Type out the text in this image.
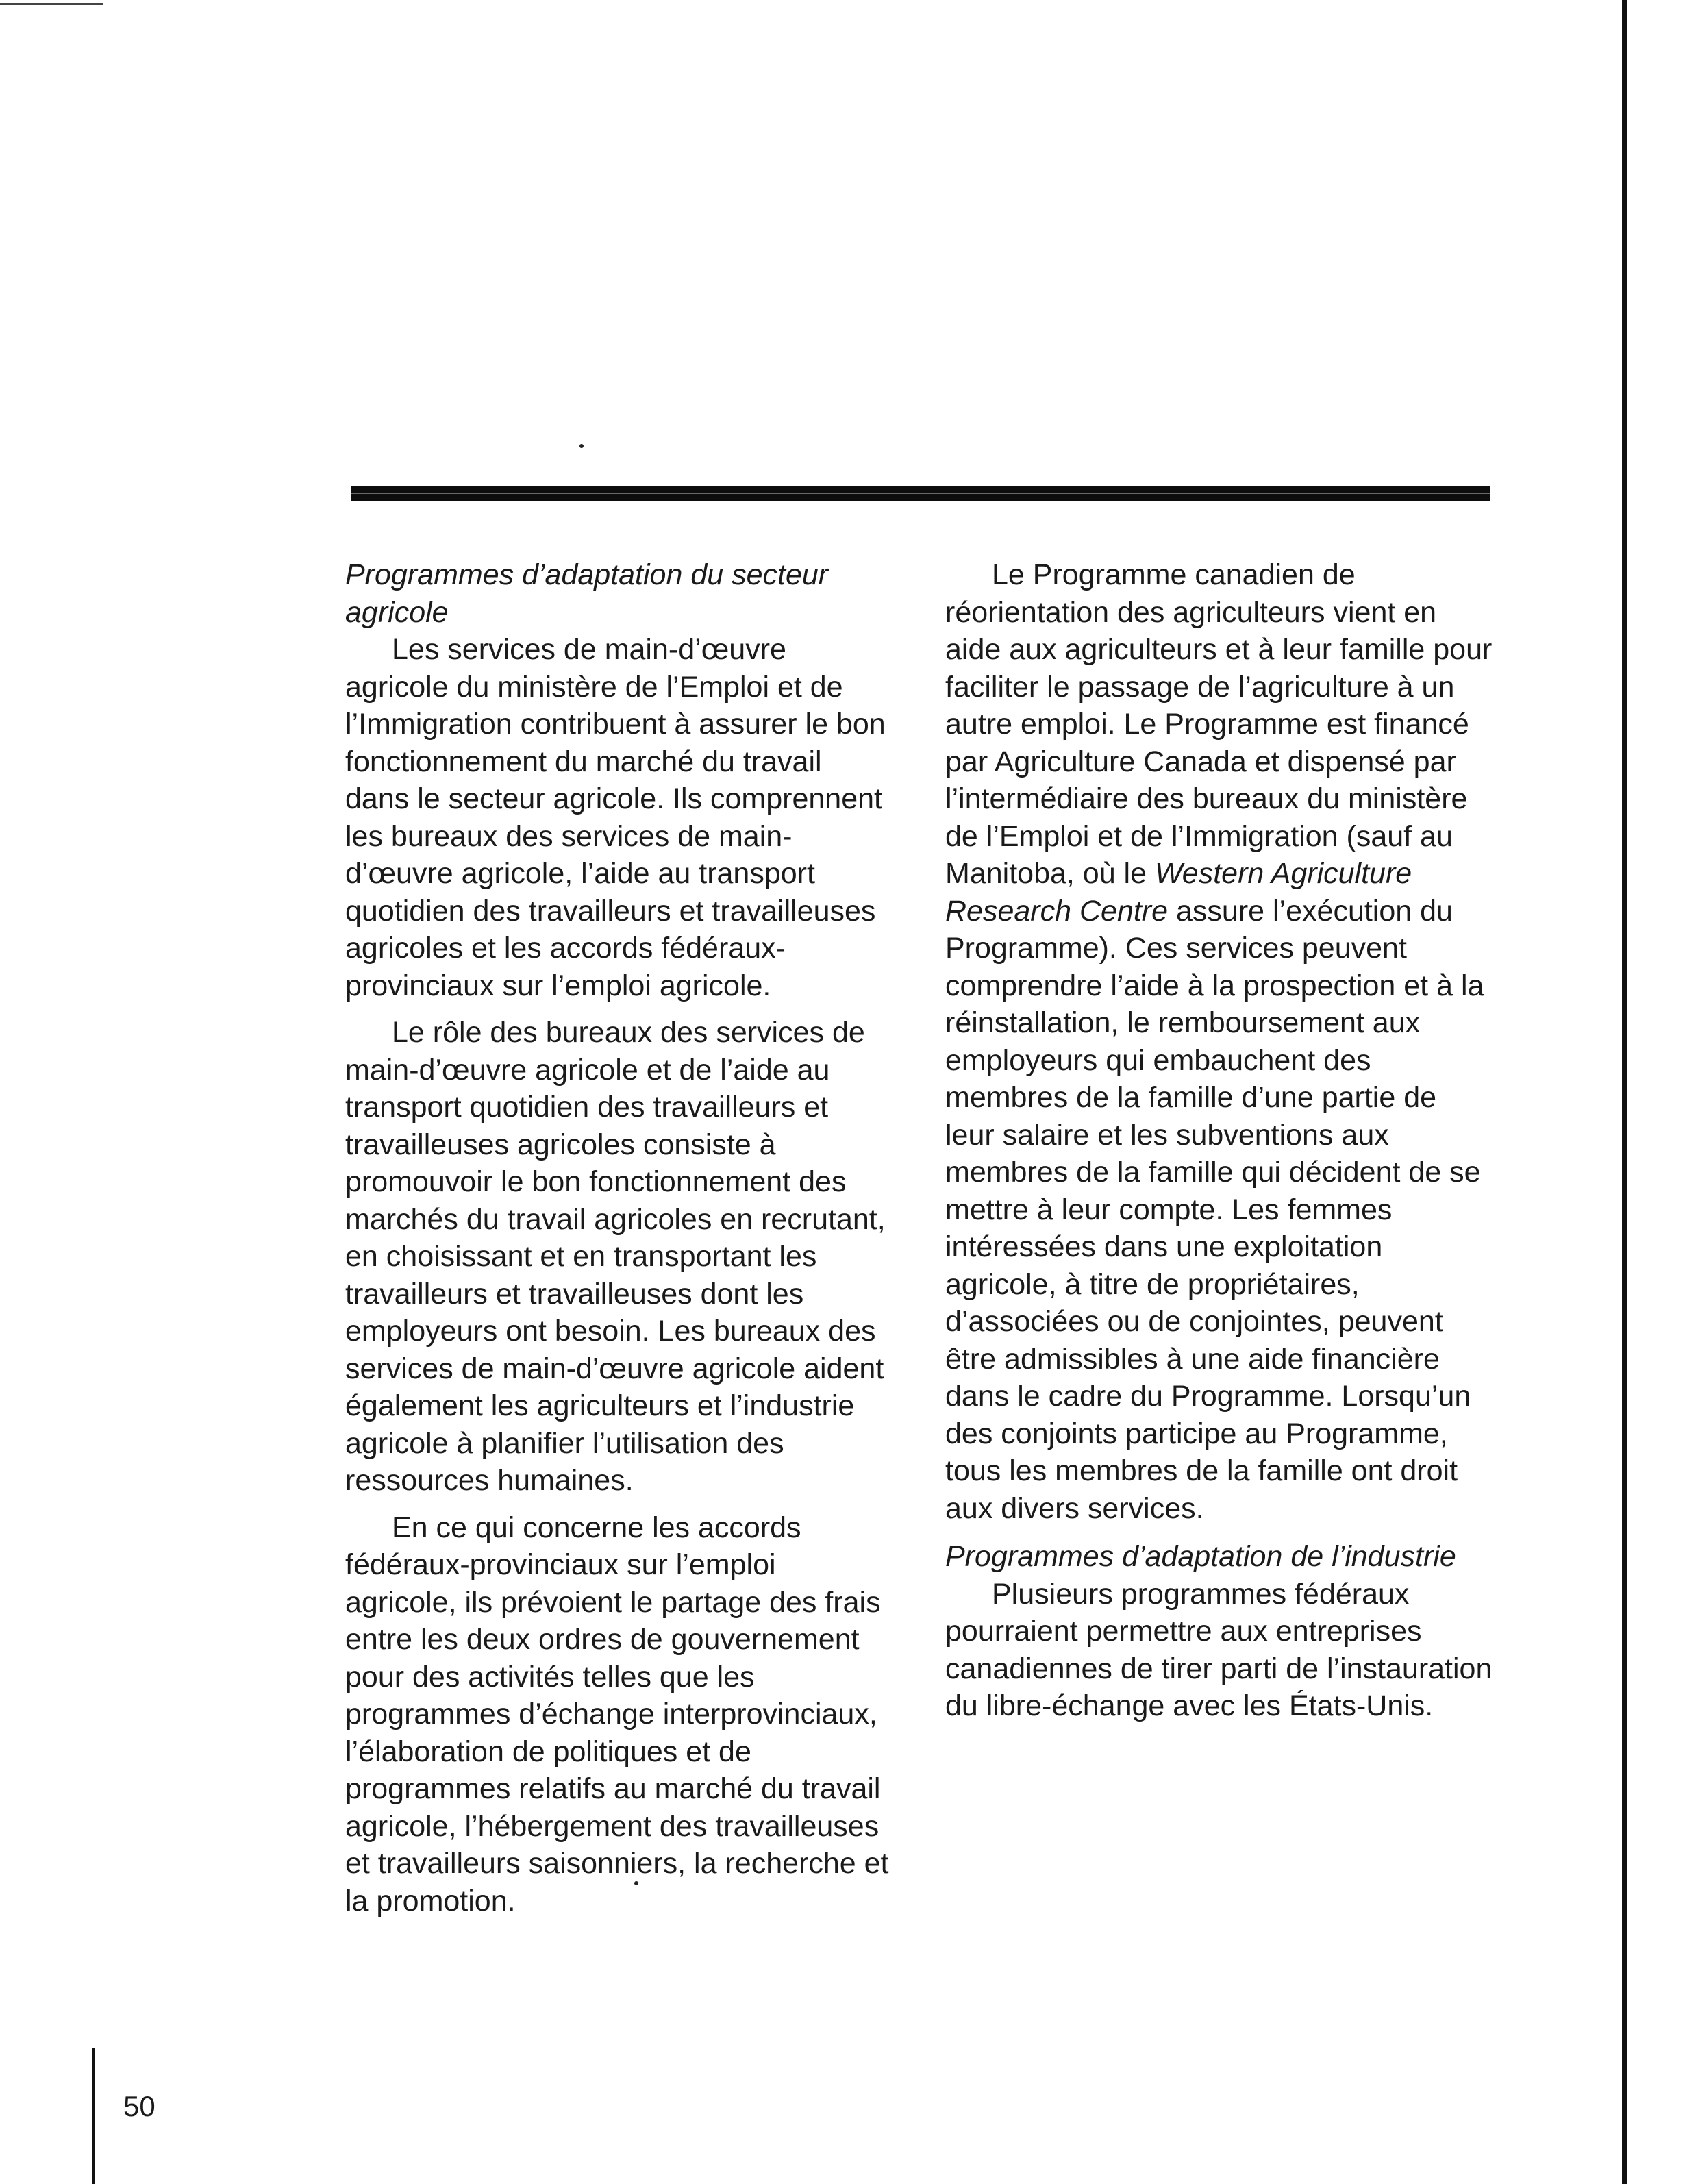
Programmes d’adaptation du secteur agricole

Les services de main-d’œuvre agricole du ministère de l’Emploi et de l’Immigration contribuent à assurer le bon fonctionnement du marché du travail dans le secteur agricole. Ils comprennent les bureaux des services de main-d’œuvre agricole, l’aide au transport quotidien des travailleurs et travailleuses agricoles et les accords fédéraux-provinciaux sur l’emploi agricole.

Le rôle des bureaux des services de main-d’œuvre agricole et de l’aide au transport quotidien des travailleurs et travailleuses agricoles consiste à promouvoir le bon fonctionnement des marchés du travail agricoles en recrutant, en choisissant et en transportant les travailleurs et travailleuses dont les employeurs ont besoin. Les bureaux des services de main-d’œuvre agricole aident également les agriculteurs et l’industrie agricole à planifier l’utilisation des ressources humaines.

En ce qui concerne les accords fédéraux-provinciaux sur l’emploi agricole, ils prévoient le partage des frais entre les deux ordres de gouvernement pour des activités telles que les programmes d’échange interprovinciaux, l’élaboration de politiques et de programmes relatifs au marché du travail agricole, l’hébergement des travailleuses et travailleurs saisonniers, la recherche et la promotion.

Le Programme canadien de réorientation des agriculteurs vient en aide aux agriculteurs et à leur famille pour faciliter le passage de l’agriculture à un autre emploi. Le Programme est financé par Agriculture Canada et dispensé par l’intermédiaire des bureaux du ministère de l’Emploi et de l’Immigration (sauf au Manitoba, où le Western Agriculture Research Centre assure l’exécution du Programme). Ces services peuvent comprendre l’aide à la prospection et à la réinstallation, le remboursement aux employeurs qui embauchent des membres de la famille d’une partie de leur salaire et les subventions aux membres de la famille qui décident de se mettre à leur compte. Les femmes intéressées dans une exploitation agricole, à titre de propriétaires, d’associées ou de conjointes, peuvent être admissibles à une aide financière dans le cadre du Programme. Lorsqu’un des conjoints participe au Programme, tous les membres de la famille ont droit aux divers services.

Programmes d’adaptation de l’industrie

Plusieurs programmes fédéraux pourraient permettre aux entreprises canadiennes de tirer parti de l’instauration du libre-échange avec les États-Unis.

50
